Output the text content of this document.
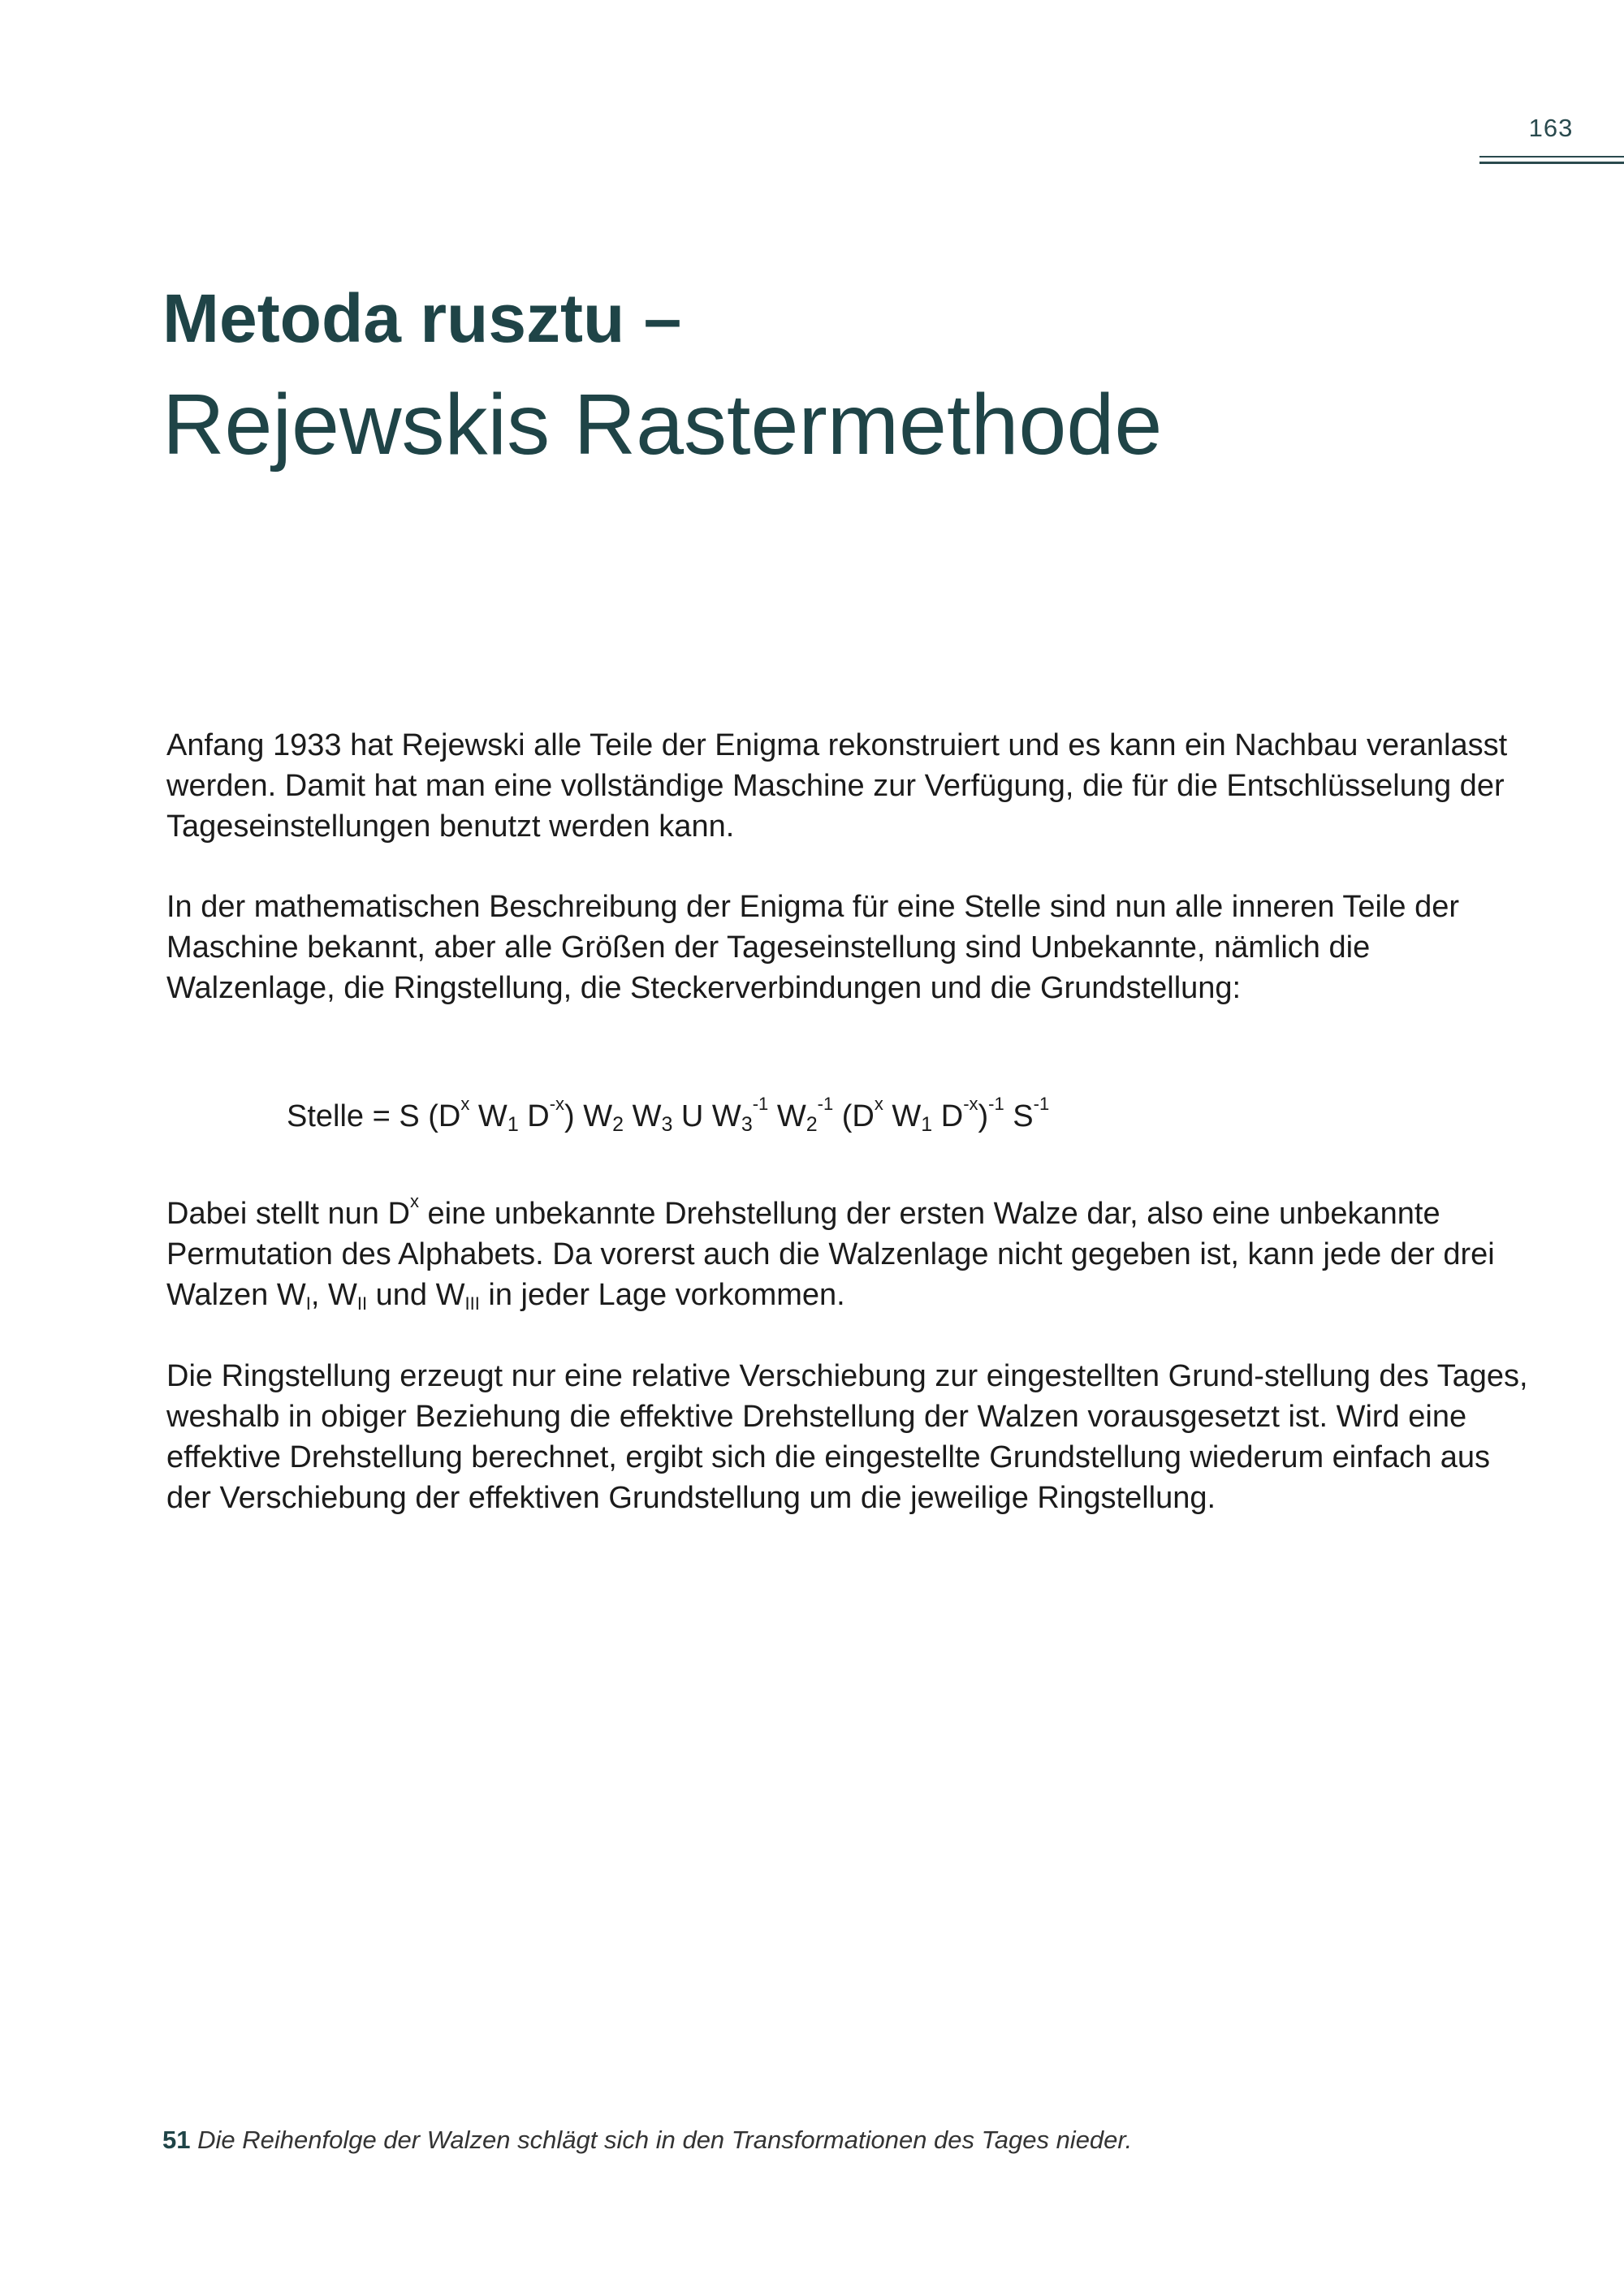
163
Metoda rusztu –
Rejewskis Rastermethode

Anfang 1933 hat Rejewski alle Teile der Enigma rekonstruiert und es kann ein Nachbau veranlasst werden. Damit hat man eine vollständige Maschine zur Verfügung, die für die Entschlüsselung der Tageseinstellungen benutzt werden kann.

In der mathematischen Beschreibung der Enigma für eine Stelle sind nun alle inneren Teile der Maschine bekannt, aber alle Größen der Tageseinstellung sind Unbekannte, nämlich die Walzenlage, die Ringstellung, die Steckerverbindungen und die Grundstellung:

Stelle = S ($D^x$ $W_1$ $D^{-x}$) $W_2$ $W_3$ U $W_3^{-1}$ $W_2^{-1}$ ($D^x$ $W_1$ $D^{-x})^{-1}$ $S^{-1}$

Dabei stellt nun $D^x$ eine unbekannte Drehstellung der ersten Walze dar, also eine unbekannte Permutation des Alphabets. Da vorerst auch die Walzenlage nicht gegeben ist, kann jede der drei Walzen $W_I$, $W_{II}$ und $W_{III}$ in jeder Lage vorkommen.

Die Ringstellung erzeugt nur eine relative Verschiebung zur eingestellten Grund-stellung des Tages, weshalb in obiger Beziehung die effektive Drehstellung der Walzen vorausgesetzt ist. Wird eine effektive Drehstellung berechnet, ergibt sich die eingestellte Grundstellung wiederum einfach aus der Verschiebung der effektiven Grundstellung um die jeweilige Ringstellung.

51 Die Reihenfolge der Walzen schlägt sich in den Transformationen des Tages nieder.
